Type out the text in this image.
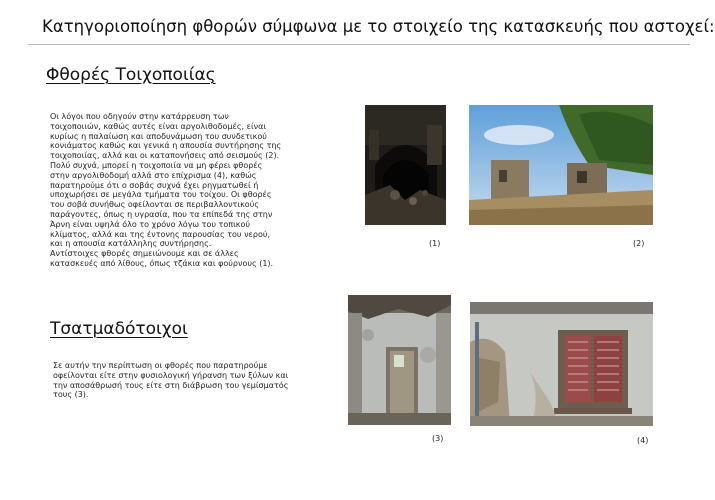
Κατηγοριοποίηση φθορών σύμφωνα με το στοιχείο της κατασκευής που αστοχεί:
Φθορές Τοιχοποιίας
Οι λόγοι που οδηγούν στην κατάρρευση των
τοιχοποιιών, καθώς αυτές είναι αργολιθοδομές, είναι
κυρίως η παλαίωση και αποδυνάμωση του συνδετικού
κονιάματος καθώς και γενικά η απουσία συντήρησης της
τοιχοποιίας, αλλά και οι καταπονήσεις από σεισμούς (2).
Πολύ συχνά, μπορεί η τοιχοποιία να μη φέρει φθορές
στην αργολιθοδομή αλλά στο επίχρισμα (4), καθώς
παρατηρούμε ότι ο σοβάς συχνά έχει ρηγματωθεί ή
υποχωρήσει σε μεγάλα τμήματα του τοίχου. Οι φθορές
του σοβά συνήθως οφείλονται σε περιβαλλοντικούς
παράγοντες, όπως η υγρασία, που τα επίπεδά της στην
Άρνη είναι υψηλά όλο το χρόνο λόγω του τοπικού
κλίματος, αλλά και της έντονης παρουσίας του νερού,
και η απουσία κατάλληλης συντήρησης.
Αντίστοιχες φθορές σημειώνουμε και σε άλλες
κατασκευές από λίθους, όπως τζάκια και φούρνους (1).
Τσατμαδότοιχοι
Σε αυτήν την περίπτωση οι φθορές που παρατηρούμε
οφείλονται είτε στην φυσιολογική γήρανση των ξύλων και
την αποσάθρωσή τους είτε στη διάβρωση του γεμίσματός
τους (3).
(1)	(2)
(3)	(4)
